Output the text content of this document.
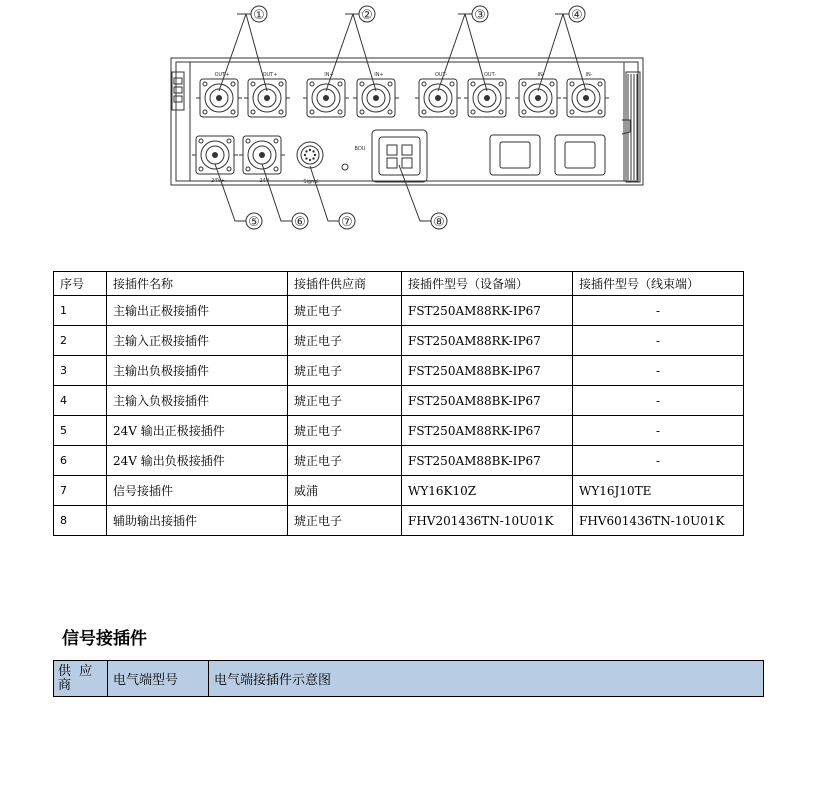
OUT+	OUT+	IN+	IN+	OUT-	OUT-	IN-	IN-
24V+	24V-	Signal
BDU
①	②	③	④
⑤	⑥	⑦	⑧
序号	接插件名称	接插件供应商	接插件型号（设备端）	接插件型号（线束端）
1	主输出正极接插件	琥正电子	FST250AM88RK-IP67	-
2	主输入正极接插件	琥正电子	FST250AM88RK-IP67	-
3	主输出负极接插件	琥正电子	FST250AM88BK-IP67	-
4	主输入负极接插件	琥正电子	FST250AM88BK-IP67	-
5	24V 输出正极接插件	琥正电子	FST250AM88RK-IP67	-
6	24V 输出负极接插件	琥正电子	FST250AM88BK-IP67	-
7	信号接插件	威浦	WY16K10Z	WY16J10TE
8	辅助输出接插件	琥正电子	FHV201436TN-10U01K	FHV601436TN-10U01K
信号接插件
供 应 商	电气端型号	电气端接插件示意图
